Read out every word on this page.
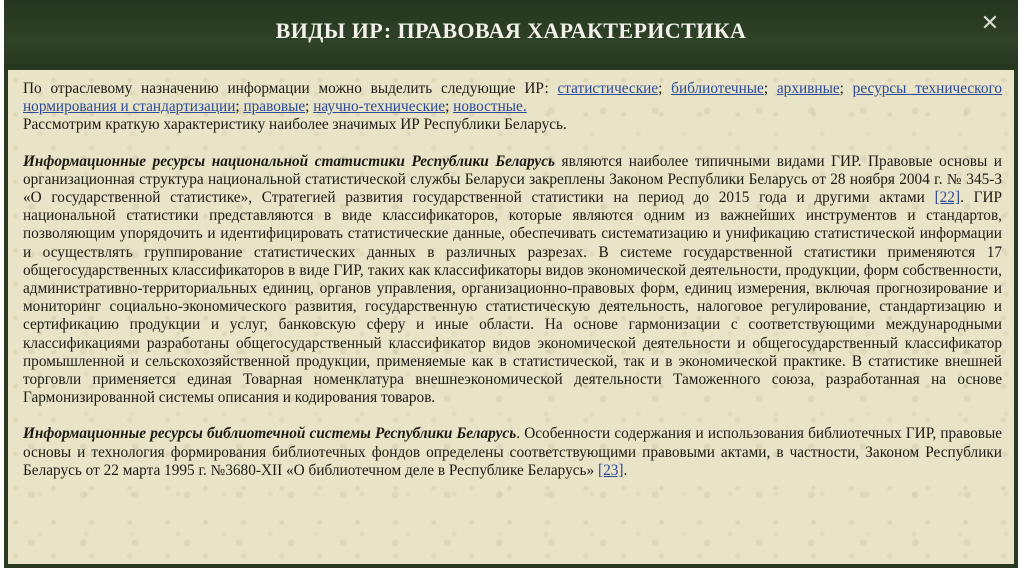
ВИДЫ ИР: ПРАВОВАЯ ХАРАКТЕРИСТИКА	✕

По отраслевому назначению информации можно выделить следующие ИР: статистические; библиотечные; архивные; ресурсы технического нормирования и стандартизации; правовые; научно-технические; новостные.

Рассмотрим краткую характеристику наиболее значимых ИР Республики Беларусь.

Информационные ресурсы национальной статистики Республики Беларусь являются наиболее типичными видами ГИР. Правовые основы и организационная структура национальной статистической службы Беларуси закреплены Законом Республики Беларусь от 28 ноября 2004 г. № 345-З «О государственной статистике», Стратегией развития государственной статистики на период до 2015 года и другими актами [22]. ГИР национальной статистики представляются в виде классификаторов, которые являются одним из важнейших инструментов и стандартов, позволяющим упорядочить и идентифицировать статистические данные, обеспечивать систематизацию и унификацию статистической информации и осуществлять группирование статистических данных в различных разрезах. В системе государственной статистики применяются 17 общегосударственных классификаторов в виде ГИР, таких как классификаторы видов экономической деятельности, продукции, форм собственности, административно-территориальных единиц, органов управления, организационно-правовых форм, единиц измерения, включая прогнозирование и мониторинг социально-экономического развития, государственную статистическую деятельность, налоговое регулирование, стандартизацию и сертификацию продукции и услуг, банковскую сферу и иные области. На основе гармонизации с соответствующими международными классификациями разработаны общегосударственный классификатор видов экономической деятельности и общегосударственный классификатор промышленной и сельскохозяйственной продукции, применяемые как в статистической, так и в экономической практике. В статистике внешней торговли применяется единая Товарная номенклатура внешнеэкономической деятельности Таможенного союза, разработанная на основе Гармонизированной системы описания и кодирования товаров.

Информационные ресурсы библиотечной системы Республики Беларусь. Особенности содержания и использования библиотечных ГИР, правовые основы и технология формирования библиотечных фондов определены соответствующими правовыми актами, в частности, Законом Республики Беларусь от 22 марта 1995 г. №3680-XII «О библиотечном деле в Республике Беларусь» [23].
